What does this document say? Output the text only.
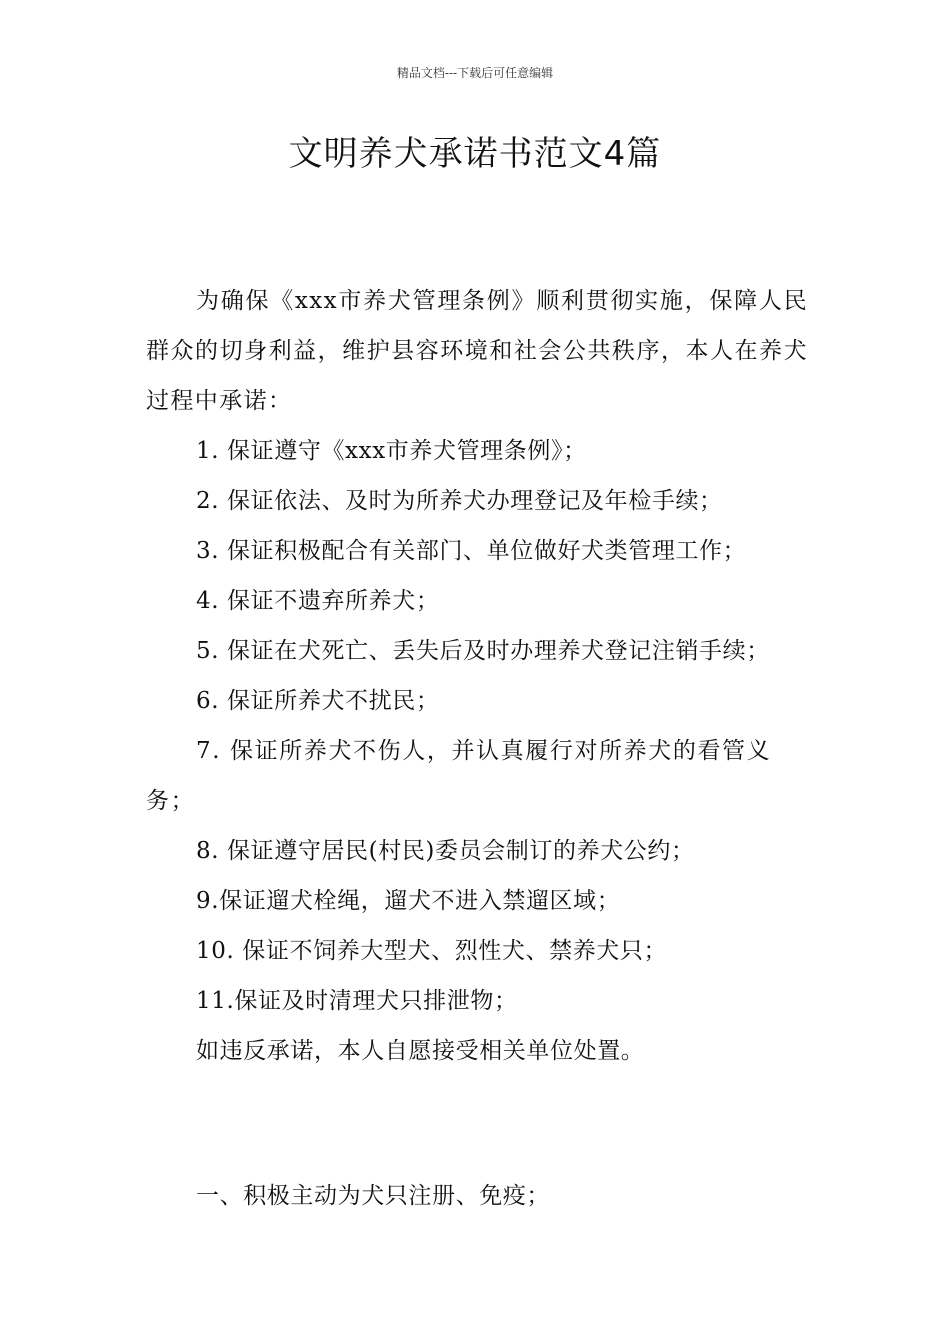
精品文档---下载后可任意编辑
文明养犬承诺书范文4篇

为确保《xxx市养犬管理条例》顺利贯彻实施，保障人民群众的切身利益，维护县容环境和社会公共秩序，本人在养犬过程中承诺：

1. 保证遵守《xxx市养犬管理条例》；

2. 保证依法、及时为所养犬办理登记及年检手续；

3. 保证积极配合有关部门、单位做好犬类管理工作；

4. 保证不遗弃所养犬；

5. 保证在犬死亡、丢失后及时办理养犬登记注销手续；

6. 保证所养犬不扰民；

7. 保证所养犬不伤人，并认真履行对所养犬的看管义务；

8. 保证遵守居民(村民)委员会制订的养犬公约；

9.保证遛犬栓绳，遛犬不进入禁遛区域；

10. 保证不饲养大型犬、烈性犬、禁养犬只；

11.保证及时清理犬只排泄物；

如违反承诺，本人自愿接受相关单位处置。

一、积极主动为犬只注册、免疫；
